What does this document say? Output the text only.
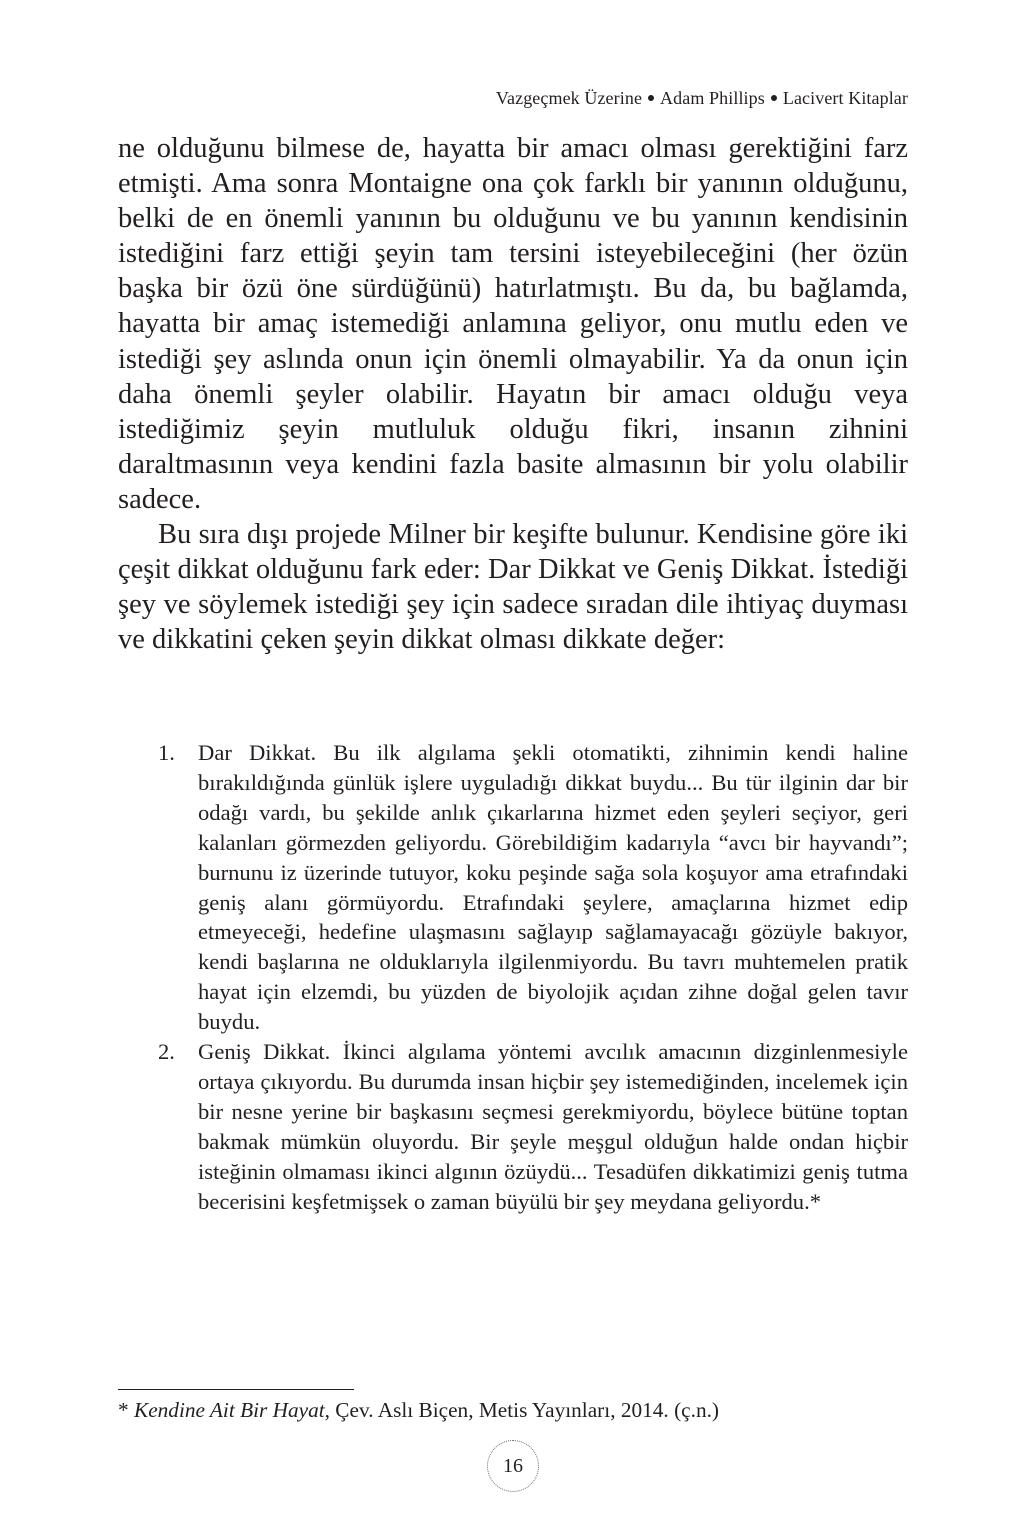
Vazgeçmek Üzerine Adam Phillips Lacivert Kitaplar

ne olduğunu bilmese de, hayatta bir amacı olması gerektiğini farz etmişti. Ama sonra Montaigne ona çok farklı bir yanının olduğunu, belki de en önemli yanının bu olduğunu ve bu yanının kendisinin istediğini farz ettiği şeyin tam tersini isteyebileceğini (her özün başka bir özü öne sürdüğünü) hatırlatmıştı. Bu da, bu bağlamda, hayatta bir amaç istemediği anlamına geliyor, onu mutlu eden ve istediği şey aslında onun için önemli olmayabilir. Ya da onun için daha önemli şeyler olabilir. Hayatın bir amacı olduğu veya istediğimiz şeyin mutluluk olduğu fikri, insanın zihnini daraltmasının veya kendini fazla basite almasının bir yolu olabilir sadece.

Bu sıra dışı projede Milner bir keşifte bulunur. Kendisine göre iki çeşit dikkat olduğunu fark eder: Dar Dikkat ve Geniş Dikkat. İstediği şey ve söylemek istediği şey için sadece sıradan dile ihtiyaç duyması ve dikkatini çeken şeyin dikkat olması dikkate değer:

1. Dar Dikkat. Bu ilk algılama şekli otomatikti, zihnimin kendi haline bırakıldığında günlük işlere uyguladığı dikkat buydu... Bu tür ilginin dar bir odağı vardı, bu şekilde anlık çıkarlarına hizmet eden şeyleri seçiyor, geri kalanları görmezden geliyordu. Görebildiğim kadarıyla “avcı bir hayvandı”; burnunu iz üzerinde tutuyor, koku peşinde sağa sola koşuyor ama etrafındaki geniş alanı görmüyordu. Etrafındaki şeylere, amaçlarına hizmet edip etmeyeceği, hedefine ulaşmasını sağlayıp sağlamayacağı gözüyle bakıyor, kendi başlarına ne olduklarıyla ilgilenmiyordu. Bu tavrı muhtemelen pratik hayat için elzemdi, bu yüzden de biyolojik açıdan zihne doğal gelen tavır buydu.
2. Geniş Dikkat. İkinci algılama yöntemi avcılık amacının dizginlenmesiyle ortaya çıkıyordu. Bu durumda insan hiçbir şey istemediğinden, incelemek için bir nesne yerine bir başkasını seçmesi gerekmiyordu, böylece bütüne toptan bakmak mümkün oluyordu. Bir şeyle meşgul olduğun halde ondan hiçbir isteğinin olmaması ikinci algının özüydü... Tesadüfen dikkatimizi geniş tutma becerisini keşfetmişsek o zaman büyülü bir şey meydana geliyordu.*
* Kendine Ait Bir Hayat, Çev. Aslı Biçen, Metis Yayınları, 2014. (ç.n.)
16
